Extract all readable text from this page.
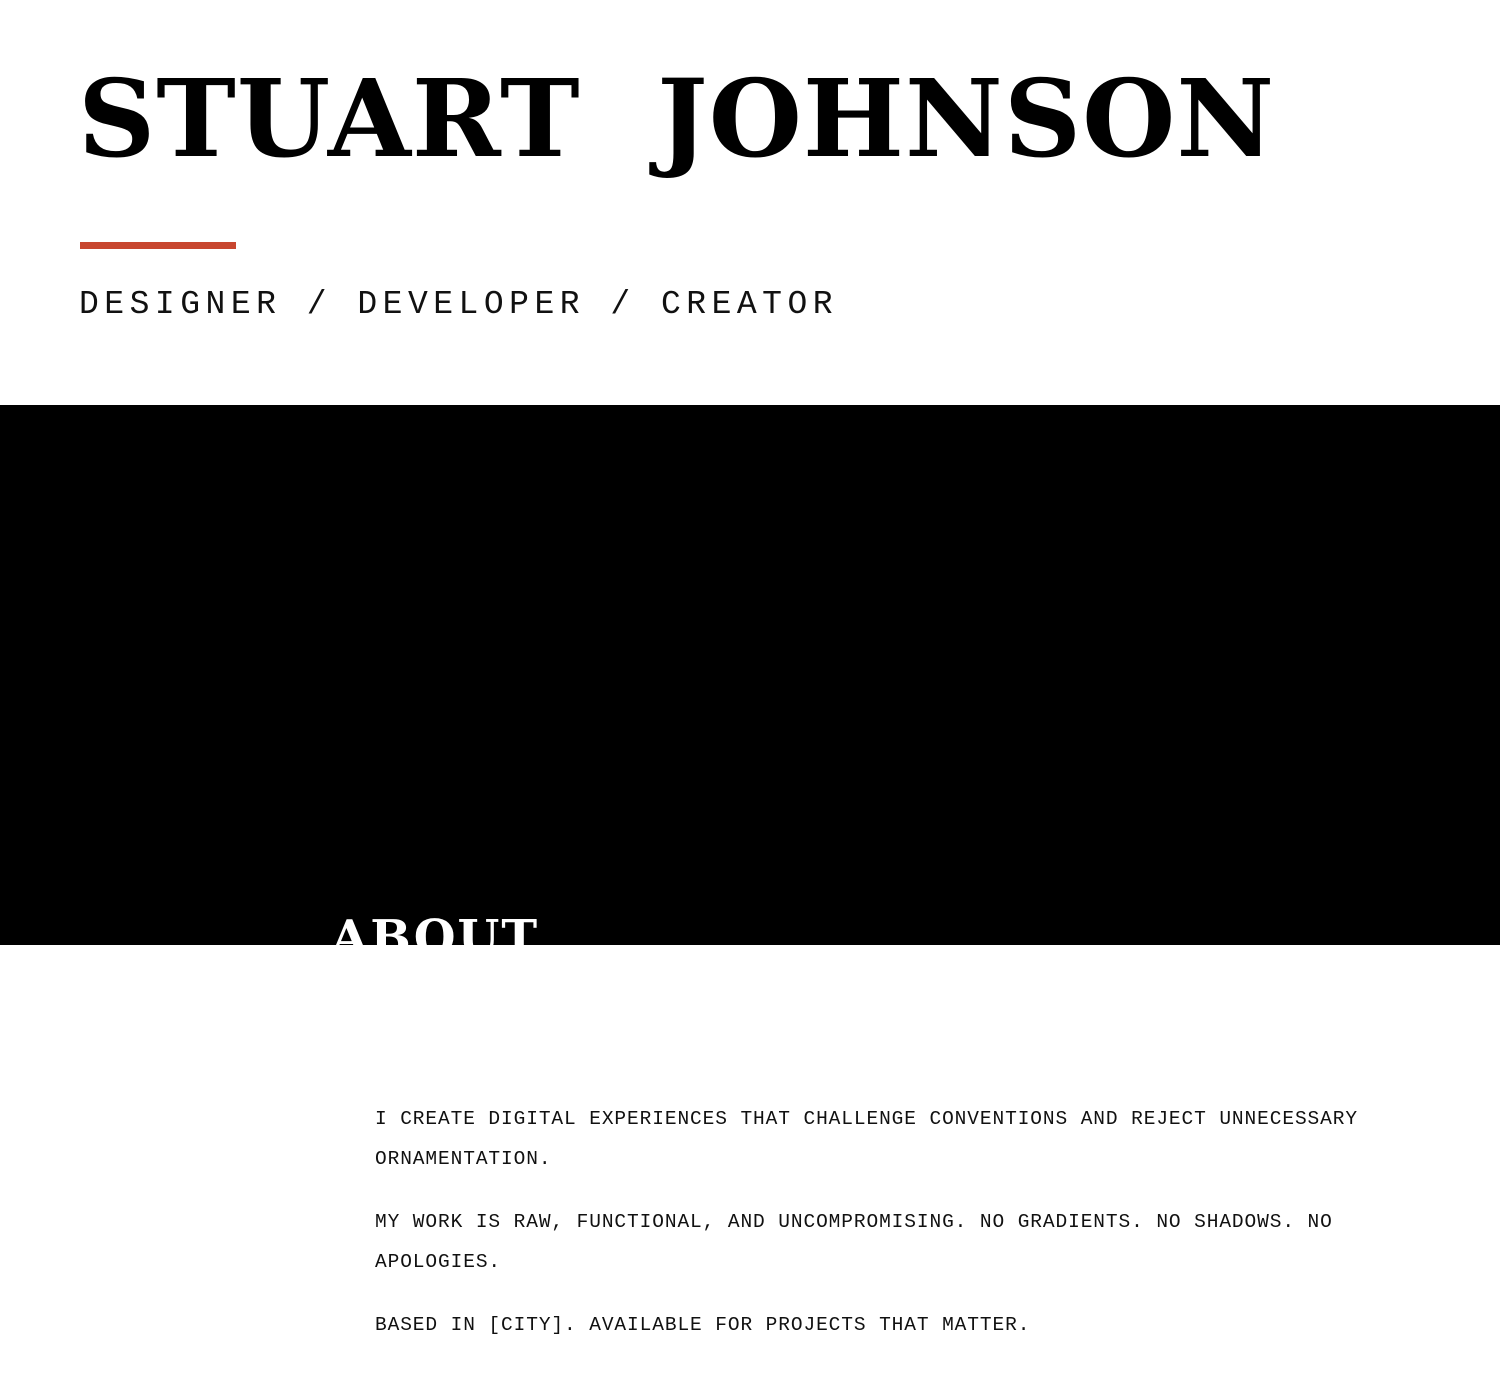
STUART  JOHNSON
DESIGNER / DEVELOPER / CREATOR
ABOUT

I CREATE DIGITAL EXPERIENCES THAT CHALLENGE CONVENTIONS AND REJECT UNNECESSARY ORNAMENTATION.

MY WORK IS RAW, FUNCTIONAL, AND UNCOMPROMISING. NO GRADIENTS. NO SHADOWS. NO APOLOGIES.

BASED IN [CITY]. AVAILABLE FOR PROJECTS THAT MATTER.
